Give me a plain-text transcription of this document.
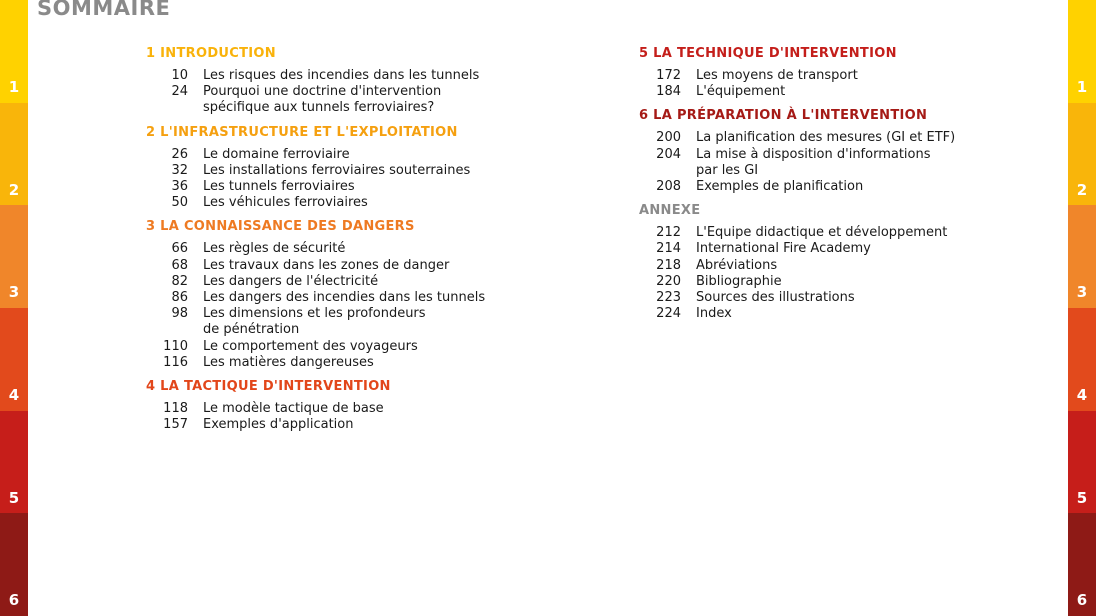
1
2
3
4
5
6
1
2
3
4
5
6
SOMMAIRE
1 INTRODUCTION
10 Les risques des incendies dans les tunnels
24 Pourquoi une doctrine d'intervention
spécifique aux tunnels ferroviaires?
2 L'INFRASTRUCTURE ET L'EXPLOITATION
26 Le domaine ferroviaire
32 Les installations ferroviaires souterraines
36 Les tunnels ferroviaires
50 Les véhicules ferroviaires
3 LA CONNAISSANCE DES DANGERS
66 Les règles de sécurité
68 Les travaux dans les zones de danger
82 Les dangers de l'électricité
86 Les dangers des incendies dans les tunnels
98 Les dimensions et les profondeurs
de pénétration
110 Le comportement des voyageurs
116 Les matières dangereuses
4 LA TACTIQUE D'INTERVENTION
118 Le modèle tactique de base
157 Exemples d'application
5 LA TECHNIQUE D'INTERVENTION
172 Les moyens de transport
184 L'équipement
6 LA PRÉPARATION À L'INTERVENTION
200 La planification des mesures (GI et ETF)
204 La mise à disposition d'informations
par les GI
208 Exemples de planification
ANNEXE
212 L'Equipe didactique et développement
214 International Fire Academy
218 Abréviations
220 Bibliographie
223 Sources des illustrations
224 Index
